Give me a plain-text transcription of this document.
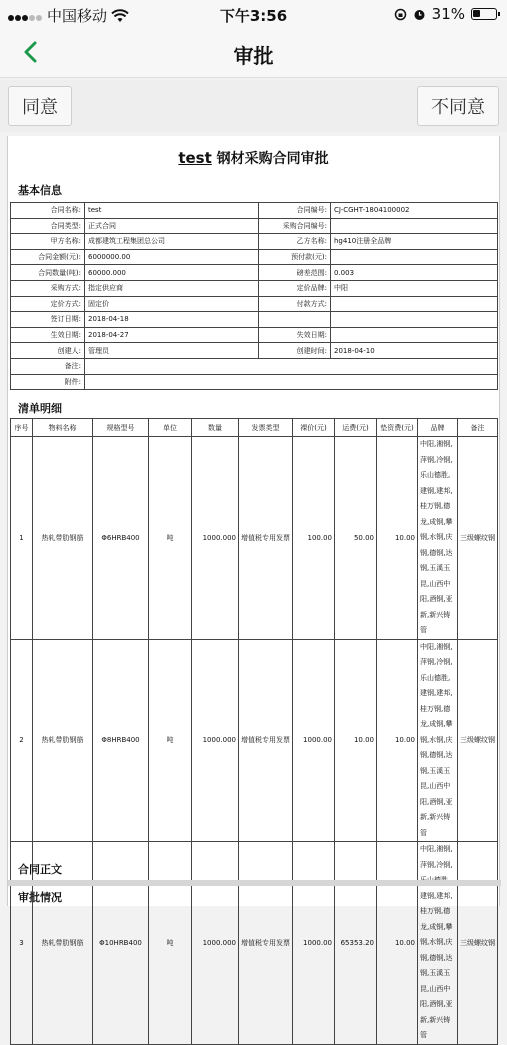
中国移动	下午3:56	31%
审批
同意	不同意
test 钢材采购合同审批
基本信息
合同名称:	test	合同编号:	CJ-CGHT-1804100002
合同类型:	正式合同	采购合同编号:	
甲方名称:	成都建筑工程集团总公司	乙方名称:	hg410注册全品牌
合同金额(元):	6000000.00	预付款(元):	
合同数量(吨):	60000.000	磅差范围:	0.003
采购方式:	指定供应商	定价品牌:	中阳
定价方式:	固定价	付款方式:	
签订日期:	2018-04-18		
生效日期:	2018-04-27	失效日期:	
创建人:	管理员	创建时间:	2018-04-10
备注:			
附件:			
清单明细
序号	物料名称	规格型号	单位	数量	发票类型	裸价(元)	运费(元)	垫资费(元)	品牌	备注
1	热轧带肋钢筋	Φ6HRB400	吨	1000.000	增值税专用发票	100.00	50.00	10.00	中阳,湘钢,萍钢,冷钢,乐山德胜,建钢,建邦,桂万钢,德龙,成钢,攀钢,水钢,庆钢,德钢,达钢,玉溪玉昆,山西中阳,酒钢,亚新,新兴铸管	三级螺纹钢
2	热轧带肋钢筋	Φ8HRB400	吨	1000.000	增值税专用发票	1000.00	10.00	10.00	中阳,湘钢,萍钢,冷钢,乐山德胜,建钢,建邦,桂万钢,德龙,成钢,攀钢,水钢,庆钢,德钢,达钢,玉溪玉昆,山西中阳,酒钢,亚新,新兴铸管	三级螺纹钢
3	热轧带肋钢筋	Φ10HRB400	吨	1000.000	增值税专用发票	1000.00	65353.20	10.00	中阳,湘钢,萍钢,冷钢, 建钢,建邦,桂万钢,德龙,成钢,攀钢,水钢,庆钢,德钢,达钢,玉溪玉昆,山西中阳,酒钢,亚新,新兴铸管	三级螺纹钢
合同正文
审批情况
